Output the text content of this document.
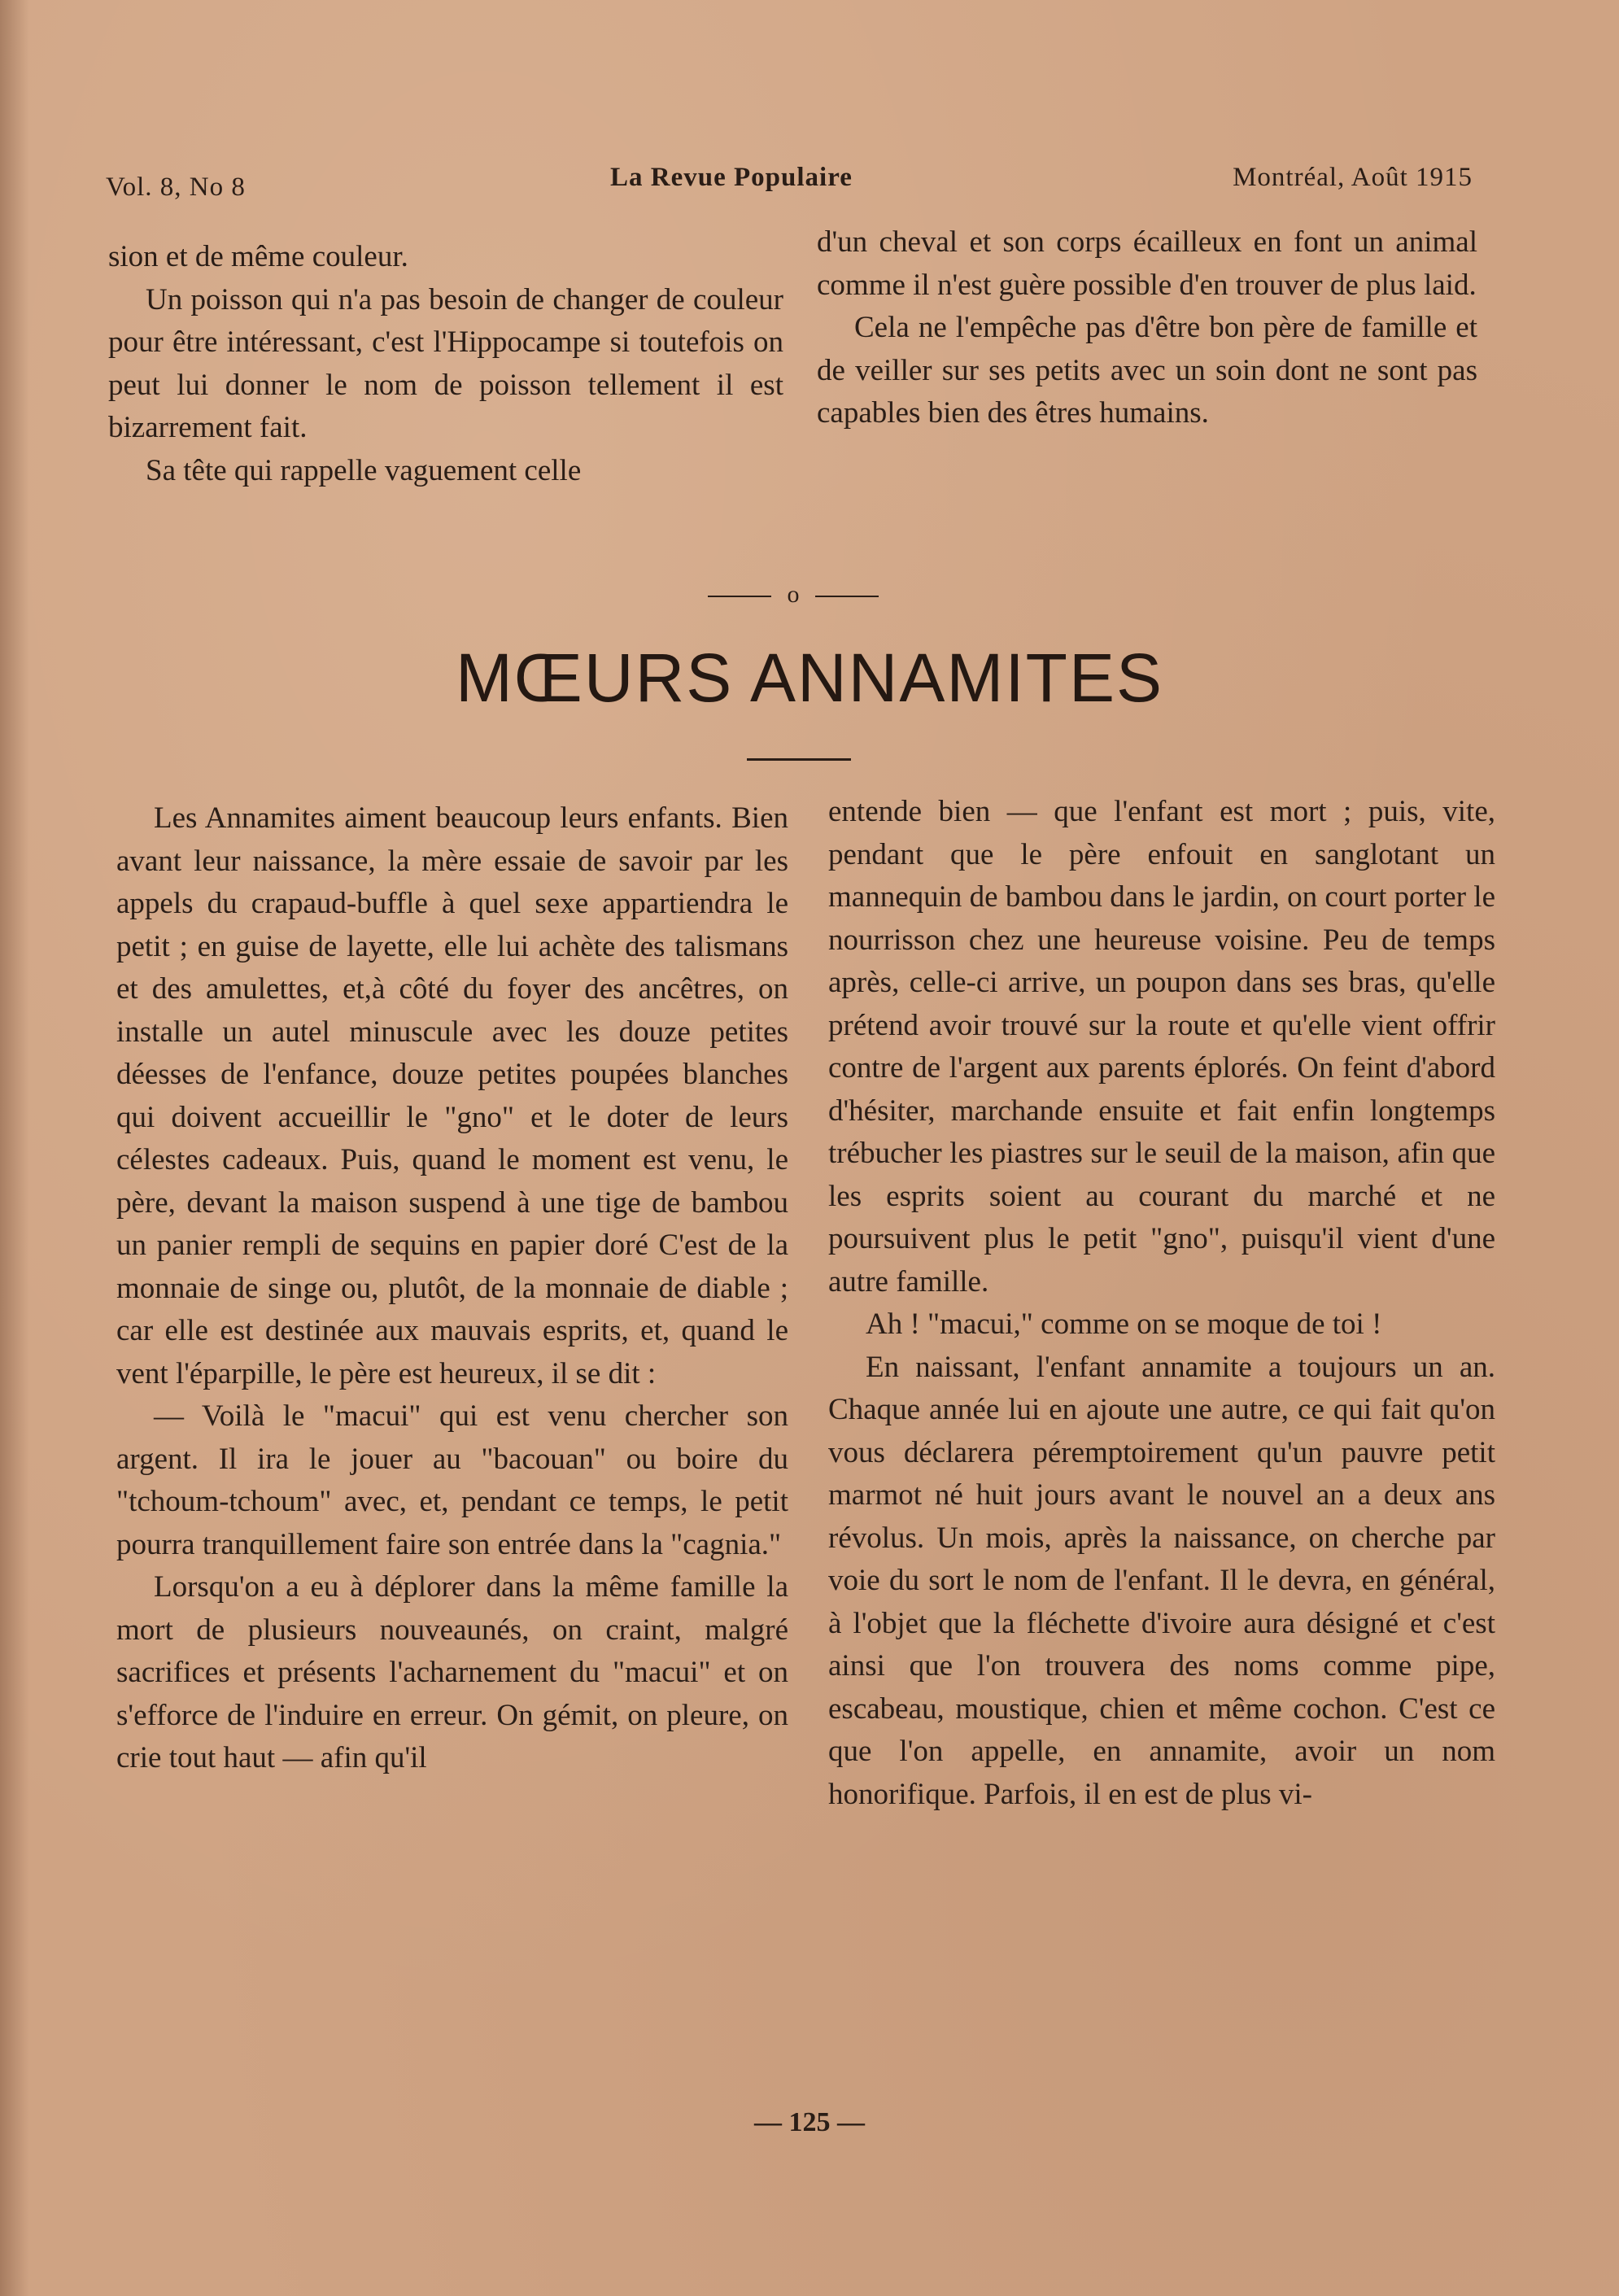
Vol. 8, No 8	La Revue Populaire	Montréal, Août 1915

sion et de même couleur.

Un poisson qui n'a pas besoin de changer de couleur pour être intéressant, c'est l'Hippocampe si toutefois on peut lui donner le nom de poisson tellement il est bizarrement fait.

Sa tête qui rappelle vaguement celle

d'un cheval et son corps écailleux en font un animal comme il n'est guère possible d'en trouver de plus laid.

Cela ne l'empêche pas d'être bon père de famille et de veiller sur ses petits avec un soin dont ne sont pas capables bien des êtres humains.

o
MŒURS ANNAMITES

Les Annamites aiment beaucoup leurs enfants. Bien avant leur naissance, la mère essaie de savoir par les appels du crapaud-buffle à quel sexe appartiendra le petit ; en guise de layette, elle lui achète des talismans et des amulettes, et,à côté du foyer des ancêtres, on installe un autel minuscule avec les douze petites déesses de l'enfance, douze petites poupées blanches qui doivent accueillir le "gno" et le doter de leurs célestes cadeaux. Puis, quand le moment est venu, le père, devant la maison suspend à une tige de bambou un panier rempli de sequins en papier doré C'est de la monnaie de singe ou, plutôt, de la monnaie de diable ; car elle est destinée aux mauvais esprits, et, quand le vent l'éparpille, le père est heureux, il se dit :

— Voilà le "macui" qui est venu chercher son argent. Il ira le jouer au "bacouan" ou boire du "tchoum-tchoum" avec, et, pendant ce temps, le petit pourra tranquillement faire son entrée dans la "cagnia."

Lorsqu'on a eu à déplorer dans la même famille la mort de plusieurs nouveaunés, on craint, malgré sacrifices et présents l'acharnement du "macui" et on s'efforce de l'induire en erreur. On gémit, on pleure, on crie tout haut — afin qu'il

entende bien — que l'enfant est mort ; puis, vite, pendant que le père enfouit en sanglotant un mannequin de bambou dans le jardin, on court porter le nourrisson chez une heureuse voisine. Peu de temps après, celle-ci arrive, un poupon dans ses bras, qu'elle prétend avoir trouvé sur la route et qu'elle vient offrir contre de l'argent aux parents éplorés. On feint d'abord d'hésiter, marchande ensuite et fait enfin longtemps trébucher les piastres sur le seuil de la maison, afin que les esprits soient au courant du marché et ne poursuivent plus le petit "gno", puisqu'il vient d'une autre famille.

Ah ! "macui," comme on se moque de toi !

En naissant, l'enfant annamite a toujours un an. Chaque année lui en ajoute une autre, ce qui fait qu'on vous déclarera péremptoirement qu'un pauvre petit marmot né huit jours avant le nouvel an a deux ans révolus. Un mois, après la naissance, on cherche par voie du sort le nom de l'enfant. Il le devra, en général, à l'objet que la fléchette d'ivoire aura désigné et c'est ainsi que l'on trouvera des noms comme pipe, escabeau, moustique, chien et même cochon. C'est ce que l'on appelle, en annamite, avoir un nom honorifique. Parfois, il en est de plus vi-

— 125 —
